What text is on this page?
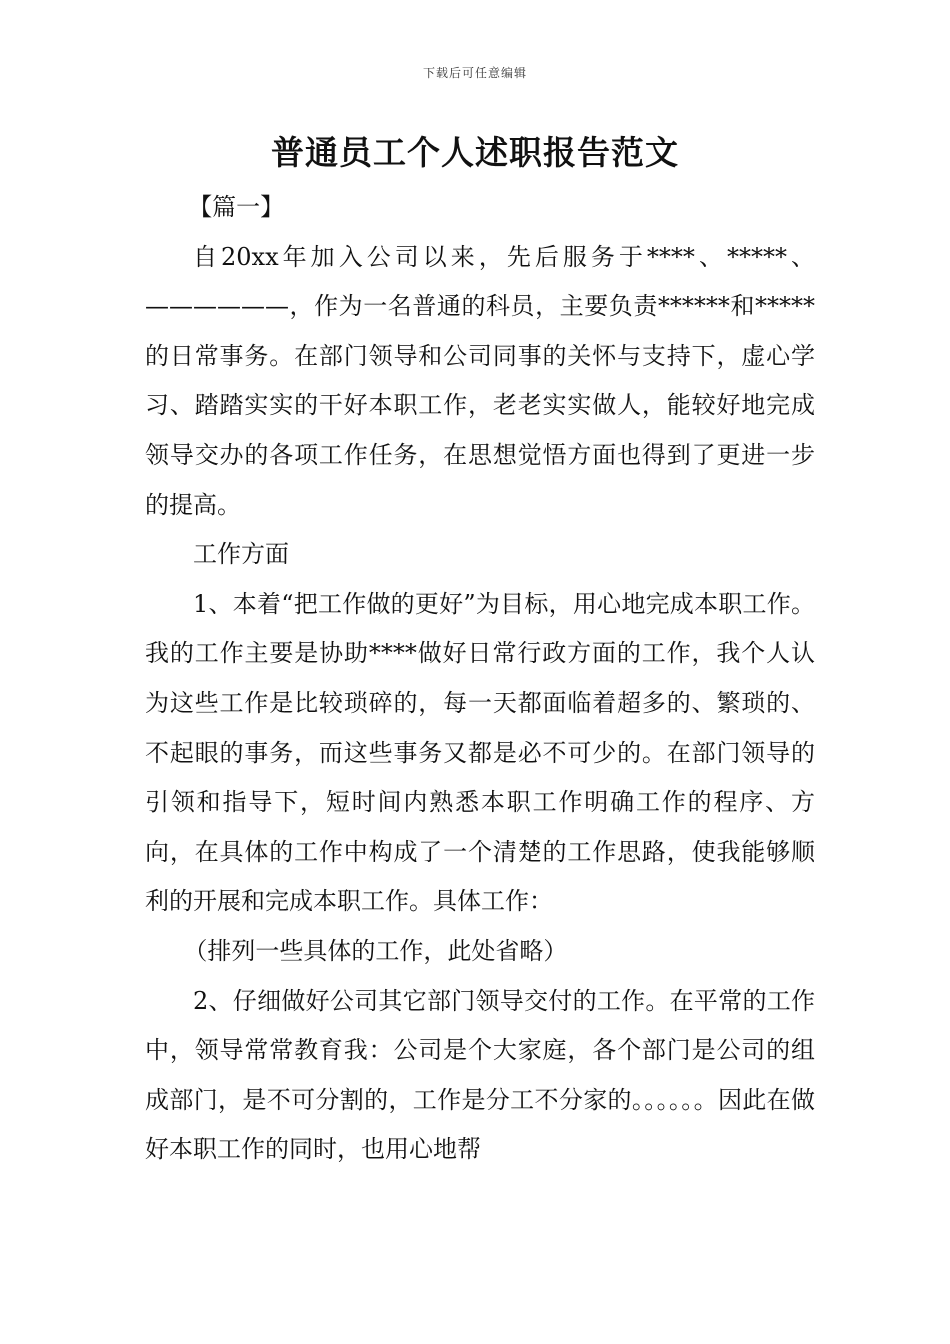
下载后可任意编辑
普通员工个人述职报告范文

【篇一】

自20xx年加入公司以来，先后服务于****、*****、——————，作为一名普通的科员，主要负责******和*****的日常事务。在部门领导和公司同事的关怀与支持下，虚心学习、踏踏实实的干好本职工作，老老实实做人，能较好地完成领导交办的各项工作任务，在思想觉悟方面也得到了更进一步的提高。

工作方面

1、本着“把工作做的更好”为目标，用心地完成本职工作。我的工作主要是协助****做好日常行政方面的工作，我个人认为这些工作是比较琐碎的，每一天都面临着超多的、繁琐的、不起眼的事务，而这些事务又都是必不可少的。在部门领导的引领和指导下，短时间内熟悉本职工作明确工作的程序、方向，在具体的工作中构成了一个清楚的工作思路，使我能够顺利的开展和完成本职工作。具体工作：

（排列一些具体的工作，此处省略）

2、仔细做好公司其它部门领导交付的工作。在平常的工作中，领导常常教育我：公司是个大家庭，各个部门是公司的组成部门，是不可分割的，工作是分工不分家的。。。。。。因此在做好本职工作的同时，也用心地帮
